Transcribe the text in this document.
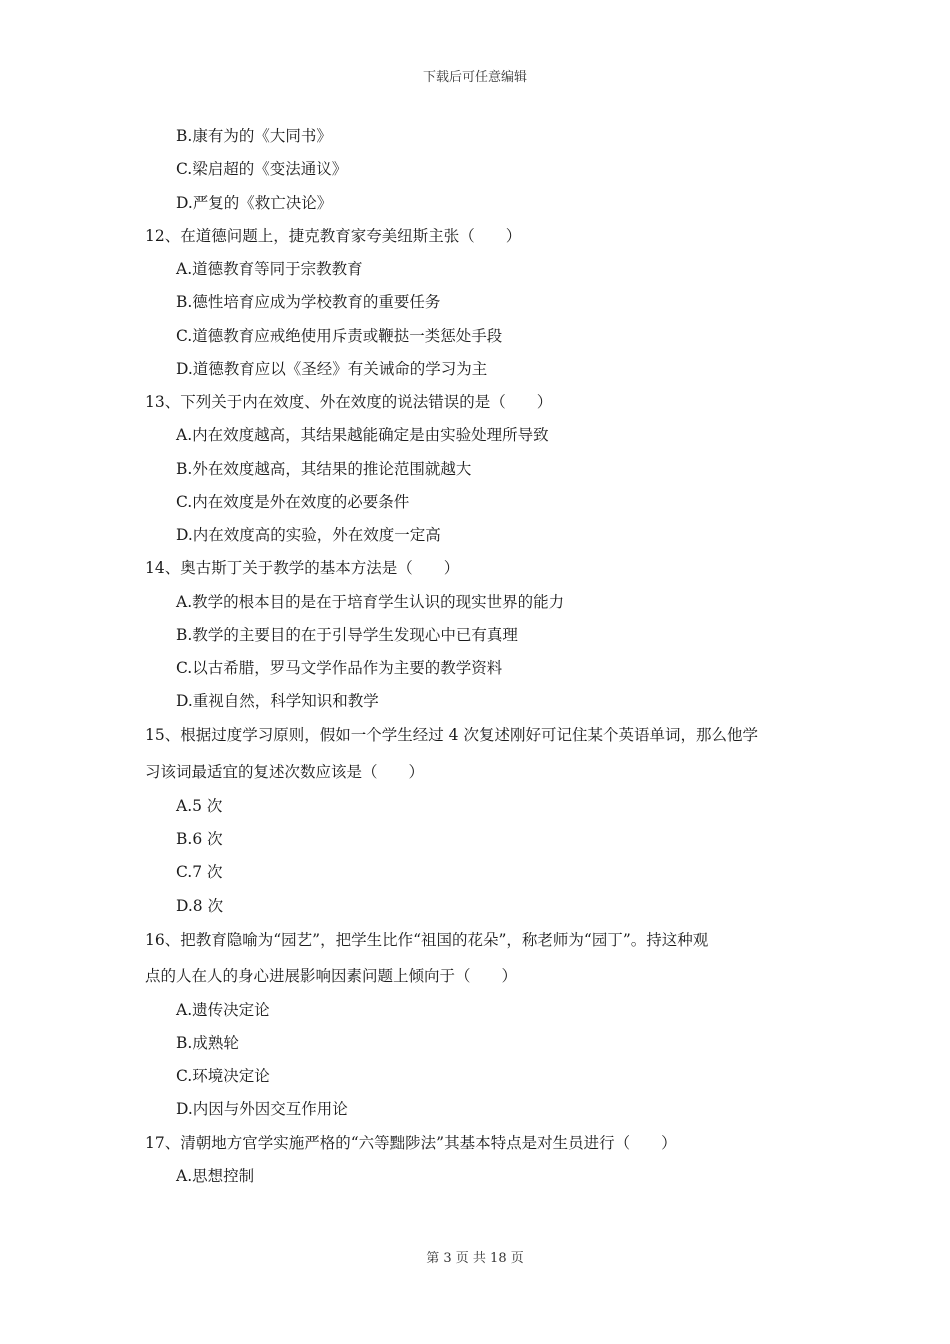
下载后可任意编辑
B.康有为的《大同书》
C.梁启超的《变法通议》
D.严复的《救亡决论》
12、在道德问题上，捷克教育家夸美纽斯主张（　　）
A.道德教育等同于宗教教育
B.德性培育应成为学校教育的重要任务
C.道德教育应戒绝使用斥责或鞭挞一类惩处手段
D.道德教育应以《圣经》有关诫命的学习为主
13、下列关于内在效度、外在效度的说法错误的是（　　）
A.内在效度越高，其结果越能确定是由实验处理所导致
B.外在效度越高，其结果的推论范围就越大
C.内在效度是外在效度的必要条件
D.内在效度高的实验，外在效度一定高
14、奥古斯丁关于教学的基本方法是（　　）
A.教学的根本目的是在于培育学生认识的现实世界的能力
B.教学的主要目的在于引导学生发现心中已有真理
C.以古希腊，罗马文学作品作为主要的教学资料
D.重视自然，科学知识和教学
15、根据过度学习原则，假如一个学生经过 4 次复述刚好可记住某个英语单词，那么他学
习该词最适宜的复述次数应该是（　　）
A.5 次
B.6 次
C.7 次
D.8 次
16、把教育隐喻为“园艺”，把学生比作“祖国的花朵”，称老师为“园丁”。持这种观
点的人在人的身心进展影响因素问题上倾向于（　　）
A.遗传决定论
B.成熟轮
C.环境决定论
D.内因与外因交互作用论
17、清朝地方官学实施严格的“六等黜陟法”其基本特点是对生员进行（　　）
A.思想控制
第 3 页 共 18 页
